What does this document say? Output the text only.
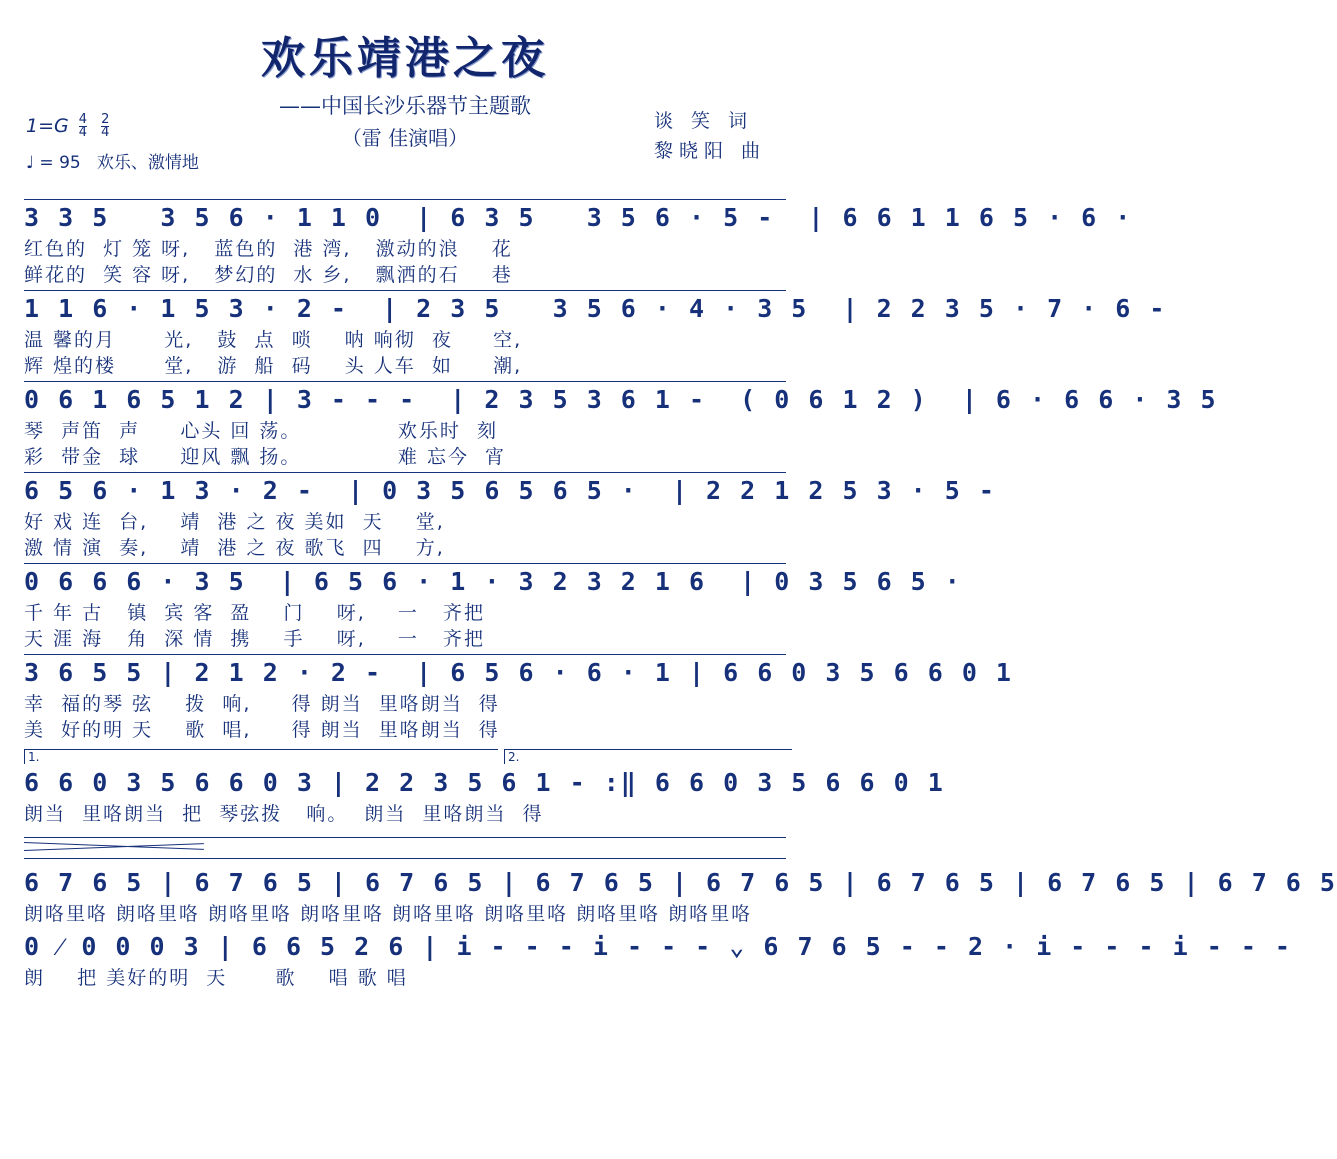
欢乐靖港之夜
——中国长沙乐器节主题歌
（雷 佳演唱）
谈 笑 词
黎晓阳 曲
$1=G \frac{4}{4}$
$\frac{2}{4}$
♩ = 95 欢乐、激情地
3 3 5   3 5 6 · 1 1 0  | 6 3 5   3 5 6 · 5 -  | 6 6 1 1 6 5 · 6 ·
红色的  灯 笼 呀,   蓝色的  港 湾,   激动的浪    花
鲜花的  笑 容 呀,   梦幻的  水 乡,   飘洒的石    巷
1 1 6 · 1 5 3 · 2 -  | 2 3 5   3 5 6 · 4 · 3 5  | 2 2 3 5 · 7 · 6 -
温 馨的月      光,   鼓  点  唢    呐 响彻  夜     空,
辉 煌的楼      堂,   游  船  码    头 人车  如     潮,
0 6 1 6 5 1 2 | 3 - - -  | 2 3 5 3 6 1 -  ( 0 6 1 2 )  | 6 · 6 6 · 3 5
琴  声笛  声     心头 回 荡。            欢乐时  刻
彩  带金  球     迎风 飘 扬。            难 忘今  宵
6 5 6 · 1 3 · 2 -  | 0 3 5 6 5 6 5 ·  | 2 2 1 2 5 3 · 5 -
好 戏 连  台,    靖  港 之 夜 美如  天    堂,
激 情 演  奏,    靖  港 之 夜 歌飞  四    方,
0 6 6 6 · 3 5  | 6 5 6 · 1 · 3 2 3 2 1 6  | 0 3 5 6 5 ·
千 年 古   镇  宾 客  盈    门    呀,    一   齐把
天 涯 海   角  深 情  携    手    呀,    一   齐把
3 6 5 5 | 2 1 2 · 2 -  | 6 5 6 · 6 · 1 | 6 6 0 3 5 6 6 0 1
幸  福的琴 弦    拨  响,     得 朗当  里咯朗当  得
美  好的明 天    歌  唱,     得 朗当  里咯朗当  得
1.	2.
6 6 0 3 5 6 6 0 3 | 2 2 3 5 6 1 - :‖ 6 6 0 3 5 6 6 0 1
朗当  里咯朗当  把  琴弦拨   响。  朗当  里咯朗当  得
6 7 6 5 | 6 7 6 5 | 6 7 6 5 | 6 7 6 5 | 6 7 6 5 | 6 7 6 5 | 6 7 6 5 | 6 7 6 5
朗咯里咯 朗咯里咯 朗咯里咯 朗咯里咯 朗咯里咯 朗咯里咯 朗咯里咯 朗咯里咯
0 ⁄ 0 0 0 3 | 6 6 5 2 6 | i - - - i - - - ⌄ 6 7 6 5 - - 2 · i - - - i - - -
朗    把 美好的明  天      歌    唱 歌 唱
